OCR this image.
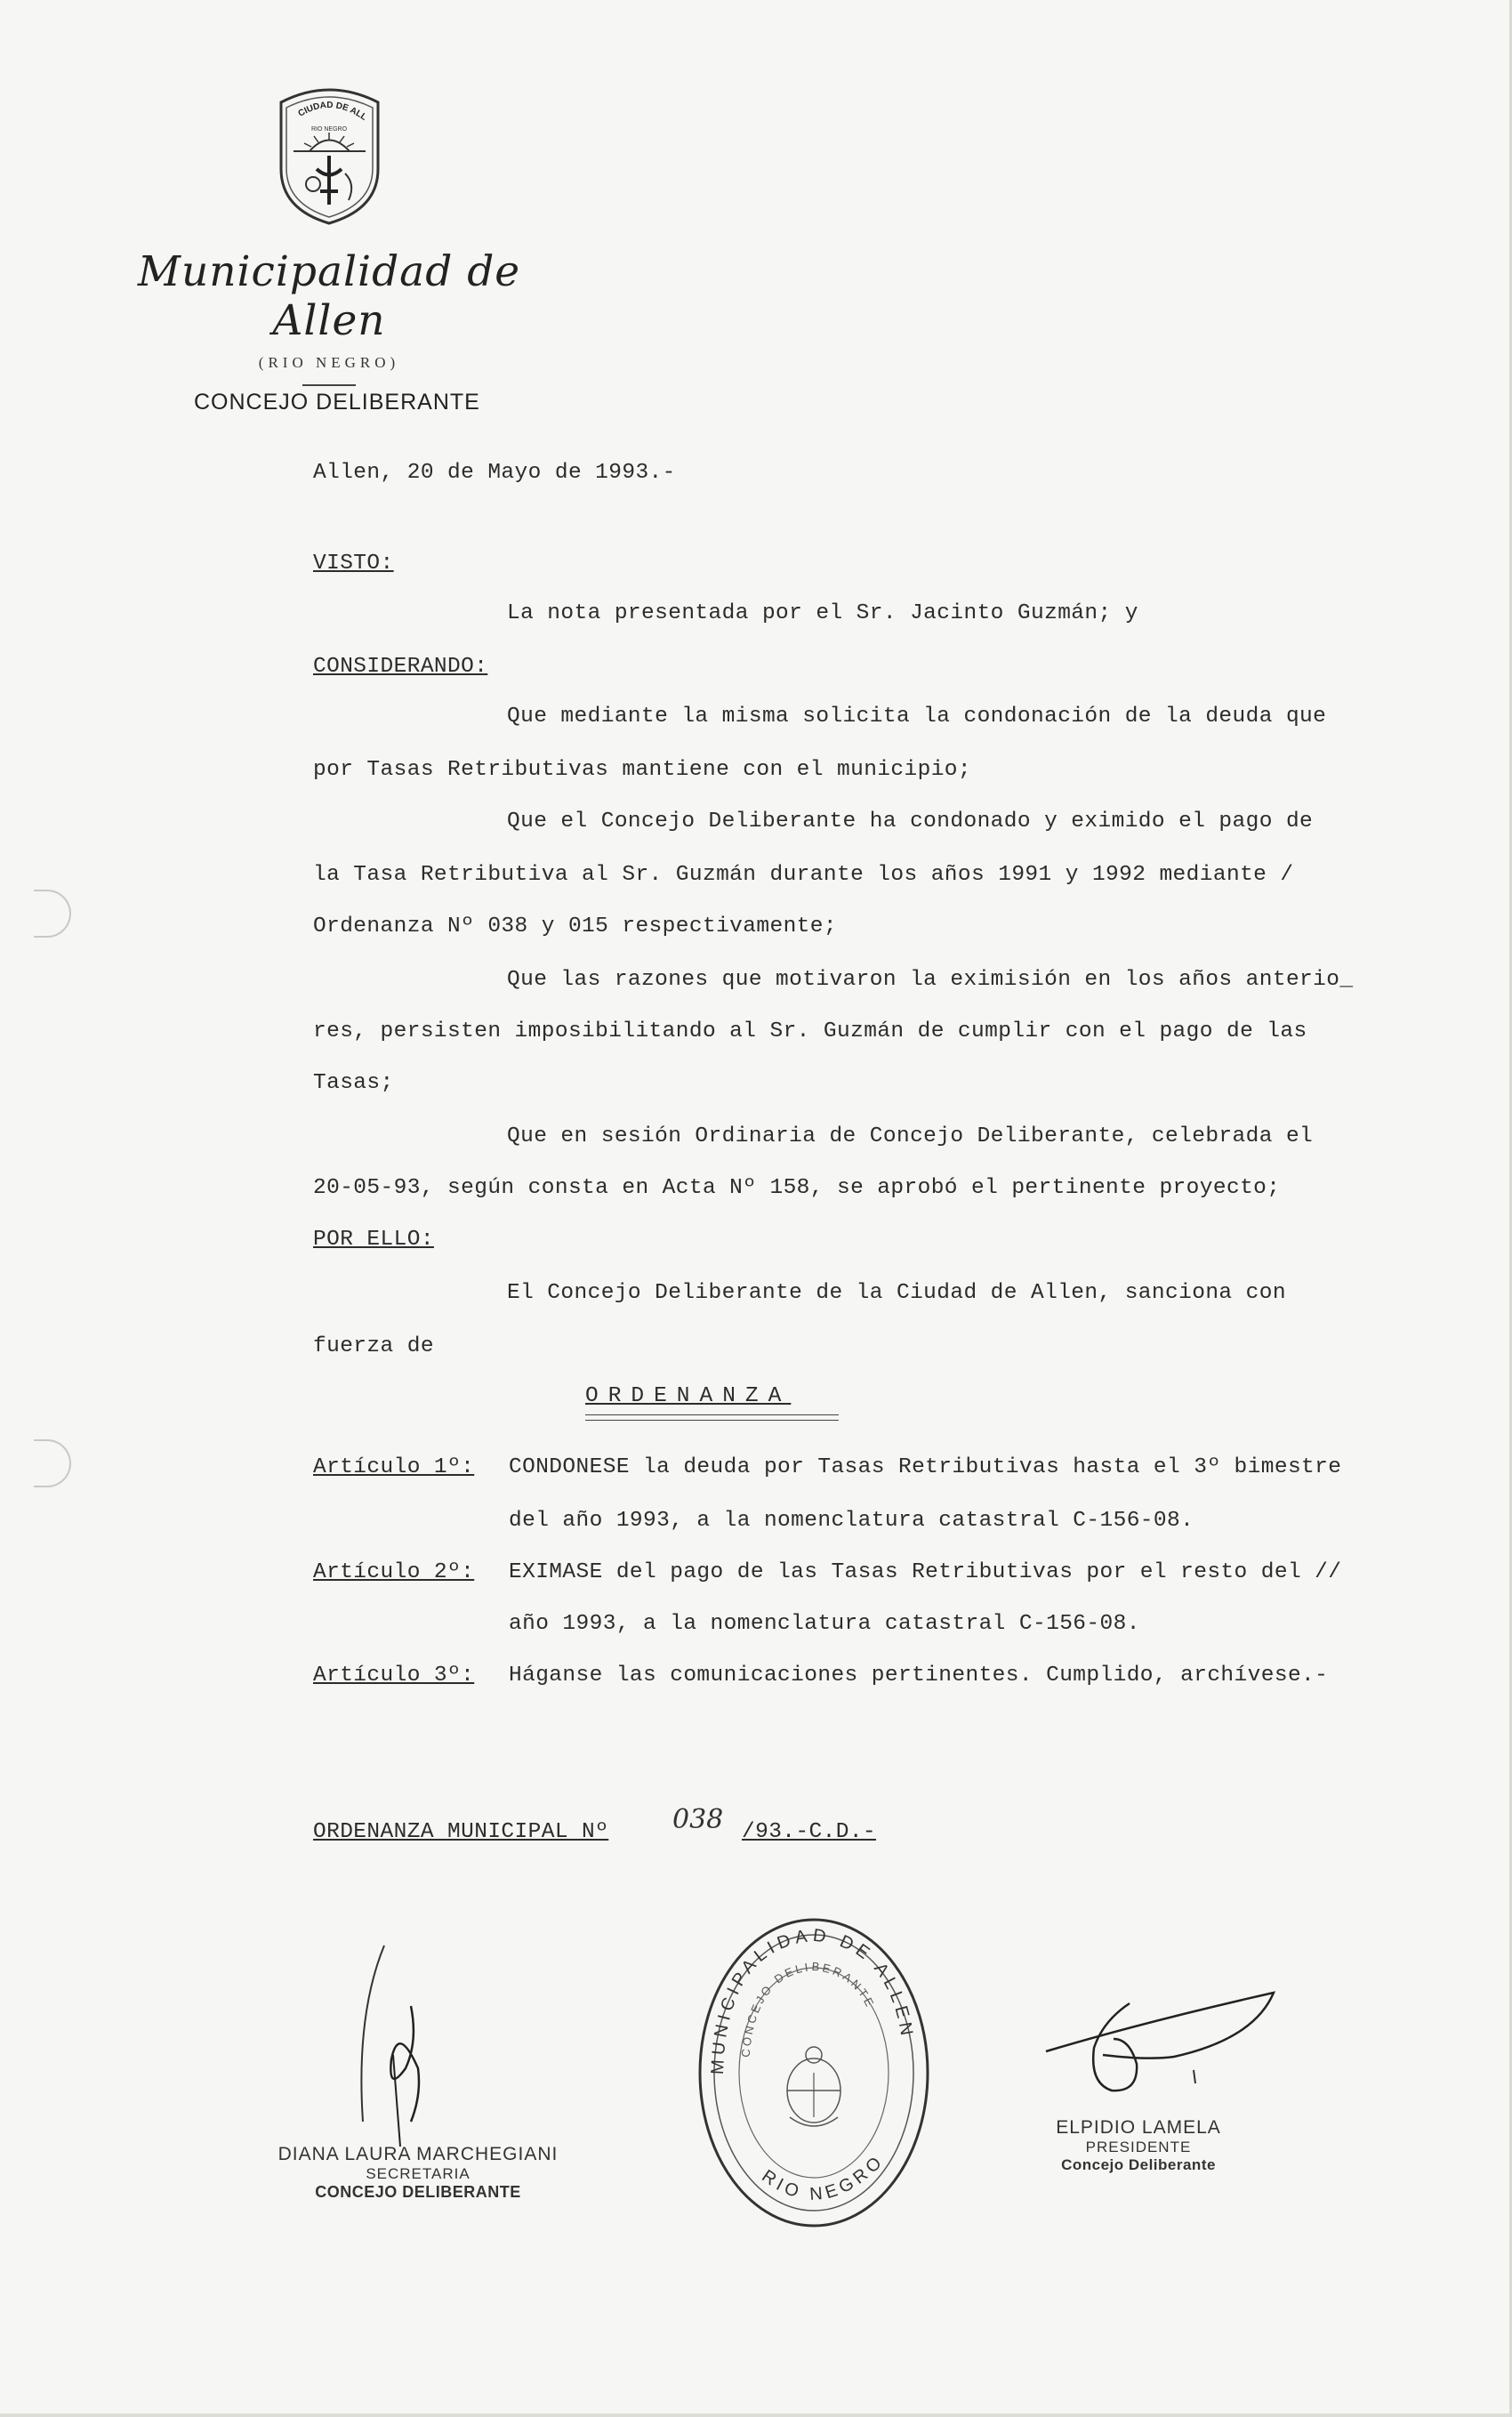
CIUDAD DE ALL
RIO NEGRO
Municipalidad de Allen
(RIO NEGRO)
CONCEJO DELIBERANTE
Allen, 20 de Mayo de 1993.-
VISTO:
La nota presentada por el Sr. Jacinto Guzmán; y
CONSIDERANDO:
Que mediante la misma solicita la condonación de la deuda que
por Tasas Retributivas mantiene con el municipio;
Que el Concejo Deliberante ha condonado y eximido el pago de
la Tasa Retributiva al Sr. Guzmán durante los años 1991 y 1992 mediante /
Ordenanza Nº 038 y 015 respectivamente;
Que las razones que motivaron la eximisión en los años anterio_
res, persisten imposibilitando al Sr. Guzmán de cumplir con el pago de las
Tasas;
Que en sesión Ordinaria de Concejo Deliberante, celebrada el
20-05-93, según consta en Acta Nº 158, se aprobó el pertinente proyecto;
POR ELLO:
El Concejo Deliberante de la Ciudad de Allen, sanciona con
fuerza de
ORDENANZA
Artículo 1º: CONDONESE la deuda por Tasas Retributivas hasta el 3º bimestre
del año 1993, a la nomenclatura catastral C-156-08.
Artículo 2º: EXIMASE del pago de las Tasas Retributivas por el resto del //
año 1993, a la nomenclatura catastral C-156-08.
Artículo 3º: Háganse las comunicaciones pertinentes. Cumplido, archívese.-
ORDENANZA MUNICIPAL Nº 038 /93.-C.D.-
DIANA LAURA MARCHEGIANI
SECRETARIA
CONCEJO DELIBERANTE
MUNICIPALIDAD DE ALLEN
CONCEJO DELIBERANTE
RIO NEGRO
ELPIDIO LAMELA
PRESIDENTE
Concejo Deliberante
